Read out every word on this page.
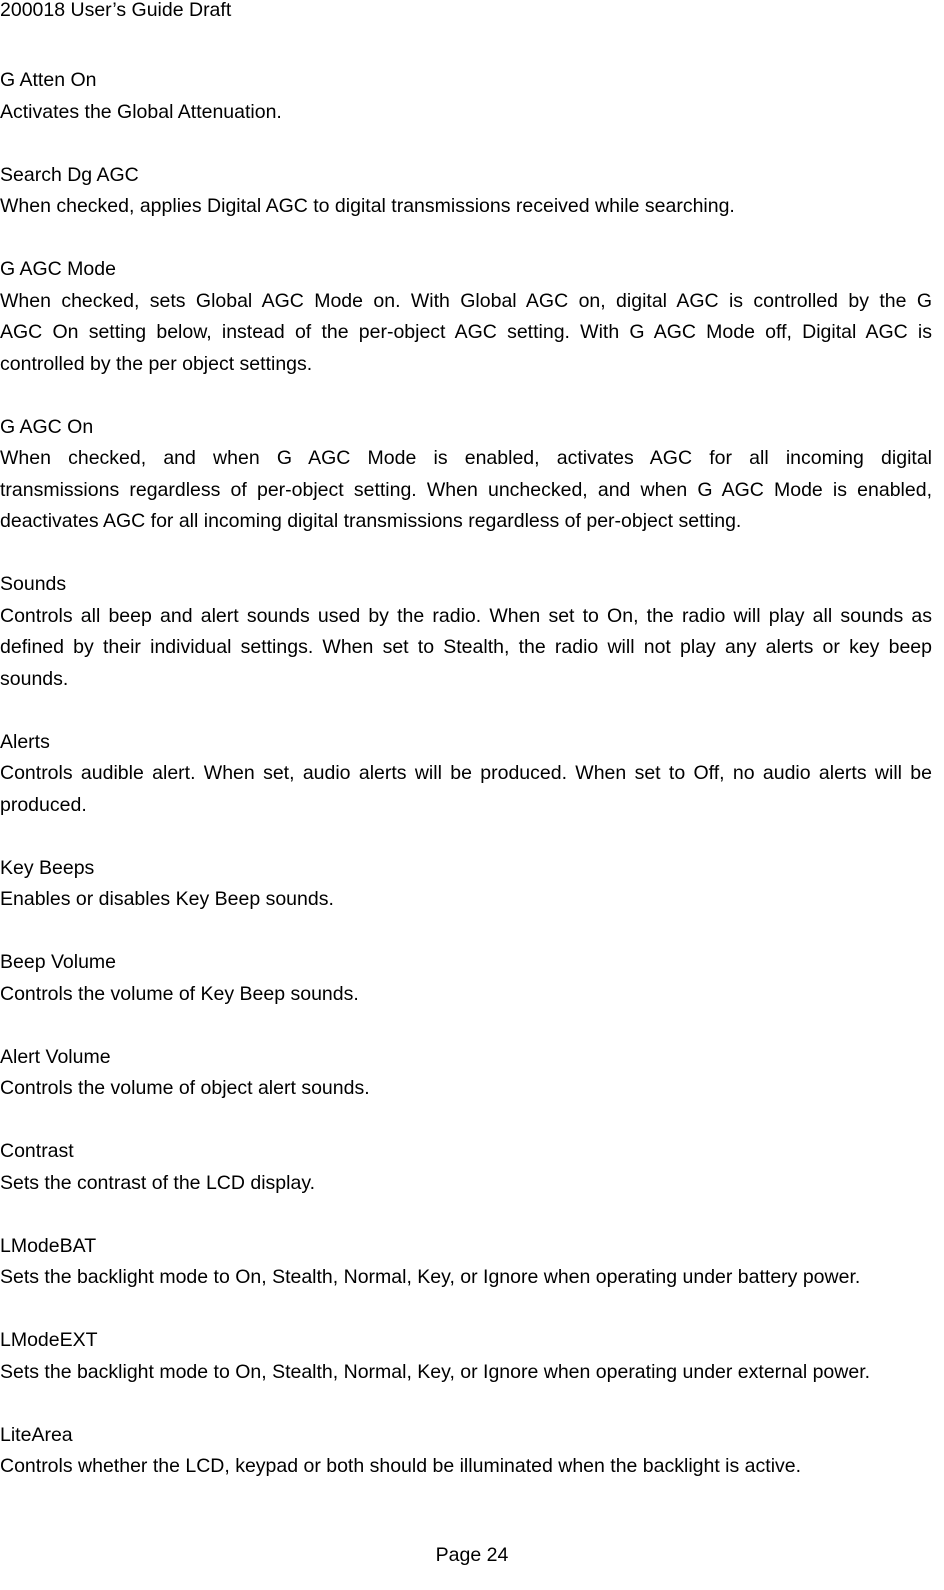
200018 User’s Guide Draft
G Atten On
Activates the Global Attenuation.
Search Dg AGC
When checked, applies Digital AGC to digital transmissions received while searching.
G AGC Mode
When checked, sets Global AGC Mode on. With Global AGC on, digital AGC is controlled by the G
AGC On setting below, instead of the per-object AGC setting. With G AGC Mode off, Digital AGC is
controlled by the per object settings.
G AGC On
When checked, and when G AGC Mode is enabled, activates AGC for all incoming digital
transmissions regardless of per-object setting. When unchecked, and when G AGC Mode is enabled,
deactivates AGC for all incoming digital transmissions regardless of per-object setting.
Sounds
Controls all beep and alert sounds used by the radio. When set to On, the radio will play all sounds as
defined by their individual settings. When set to Stealth, the radio will not play any alerts or key beep
sounds.
Alerts
Controls audible alert. When set, audio alerts will be produced. When set to Off, no audio alerts will be
produced.
Key Beeps
Enables or disables Key Beep sounds.
Beep Volume
Controls the volume of Key Beep sounds.
Alert Volume
Controls the volume of object alert sounds.
Contrast
Sets the contrast of the LCD display.
LModeBAT
Sets the backlight mode to On, Stealth, Normal, Key, or Ignore when operating under battery power.
LModeEXT
Sets the backlight mode to On, Stealth, Normal, Key, or Ignore when operating under external power.
LiteArea
Controls whether the LCD, keypad or both should be illuminated when the backlight is active.
Page 24
